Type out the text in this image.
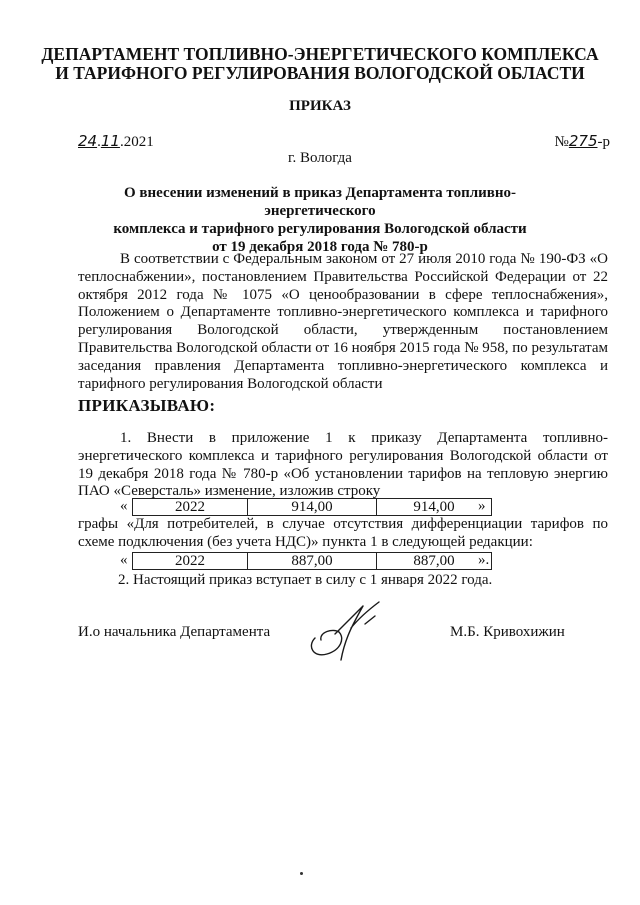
ДЕПАРТАМЕНТ ТОПЛИВНО-ЭНЕРГЕТИЧЕСКОГО КОМПЛЕКСА
И ТАРИФНОГО РЕГУЛИРОВАНИЯ ВОЛОГОДСКОЙ ОБЛАСТИ
ПРИКАЗ
24.11.2021	№275-р
г. Вологда
О внесении изменений в приказ Департамента топливно-энергетического
комплекса и тарифного регулирования Вологодской области
от 19 декабря 2018 года № 780-р
В соответствии с Федеральным законом от 27 июля 2010 года № 190-ФЗ «О теплоснабжении», постановлением Правительства Российской Федерации от 22 октября 2012 года № 1075 «О ценообразовании в сфере теплоснабжения», Положением о Департаменте топливно-энергетического комплекса и тарифного регулирования Вологодской области, утвержденным постановлением Правительства Вологодской области от 16 ноября 2015 года № 958, по результатам заседания правления Департамента топливно-энергетического комплекса и тарифного регулирования Вологодской области
ПРИКАЗЫВАЮ:
1. Внести в приложение 1 к приказу Департамента топливно-энергетического комплекса и тарифного регулирования Вологодской области от 19 декабря 2018 года № 780-р «Об установлении тарифов на тепловую энергию ПАО «Северсталь» изменение, изложив строку
«	2022	914,00	914,00 »
графы «Для потребителей, в случае отсутствия дифференциации тарифов по схеме подключения (без учета НДС)» пункта 1 в следующей редакции:
«	2022	887,00	887,00 ».
2. Настоящий приказ вступает в силу с 1 января 2022 года.
И.о начальника Департамента	М.Б. Кривохижин
